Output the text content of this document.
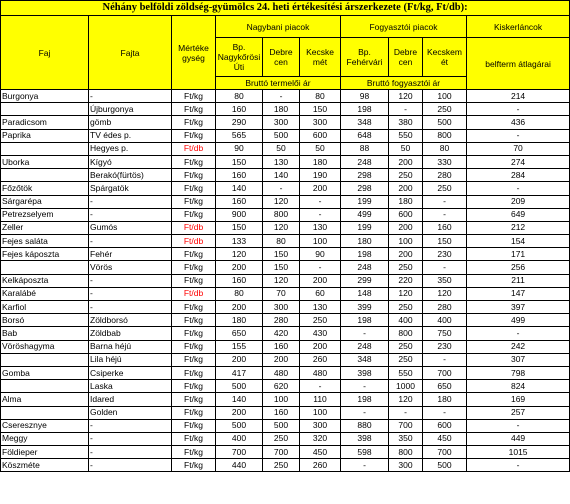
Néhány belföldi zöldség-gyümölcs 24. heti értékesítési árszerkezete (Ft/kg, Ft/db):									
Faj	Fajta	Mértéke gység	Nagybani piacok			Fogyasztói piacok			Kiskerláncok
			Bp. Nagykőrösi Úti	Debre cen	Kecske mét	Bp. Fehérvári	Debre cen	Kecskem ét	belfterm átlagárai
			Bruttó termelői ár			Bruttó fogyasztói ár			
Burgonya	-	Ft/kg	80	-	80	98	120	100	214
	Újburgonya	Ft/kg	160	180	150	198	-	250	-
Paradicsom	gömb	Ft/kg	290	300	300	348	380	500	436
Paprika	TV édes p.	Ft/kg	565	500	600	648	550	800	-
	Hegyes p.	Ft/db	90	50	50	88	50	80	70
Uborka	Kígyó	Ft/kg	150	130	180	248	200	330	274
	Berakó(fürtös)	Ft/kg	160	140	190	298	250	280	284
Főzőtök	Spárgatök	Ft/kg	140	-	200	298	200	250	-
Sárgarépa	-	Ft/kg	160	120	-	199	180	-	209
Petrezselyem	-	Ft/kg	900	800	-	499	600	-	649
Zeller	Gumós	Ft/db	150	120	130	199	200	160	212
Fejes saláta	-	Ft/db	133	80	100	180	100	150	154
Fejes káposzta	Fehér	Ft/kg	120	150	90	198	200	230	171
	Vörös	Ft/kg	200	150	-	248	250	-	256
Kelkáposzta	-	Ft/kg	160	120	200	299	220	350	211
Karalábé	-	Ft/db	80	70	60	148	120	120	147
Karfiol	-	Ft/kg	200	300	130	399	250	280	397
Borsó	Zöldborsó	Ft/kg	180	280	250	198	400	400	499
Bab	Zöldbab	Ft/kg	650	420	430	-	800	750	-
Vöröshagyma	Barna héjú	Ft/kg	155	160	200	248	250	230	242
	Lila héjú	Ft/kg	200	200	260	348	250	-	307
Gomba	Csiperke	Ft/kg	417	480	480	398	550	700	798
	Laska	Ft/kg	500	620	-	-	1000	650	824
Alma	Idared	Ft/kg	140	100	110	198	120	180	169
	Golden	Ft/kg	200	160	100	-	-	-	257
Cseresznye	-	Ft/kg	500	500	300	880	700	600	-
Meggy	-	Ft/kg	400	250	320	398	350	450	449
Földieper	-	Ft/kg	700	700	450	598	800	700	1015
Köszméte	-	Ft/kg	440	250	260	-	300	500	-
